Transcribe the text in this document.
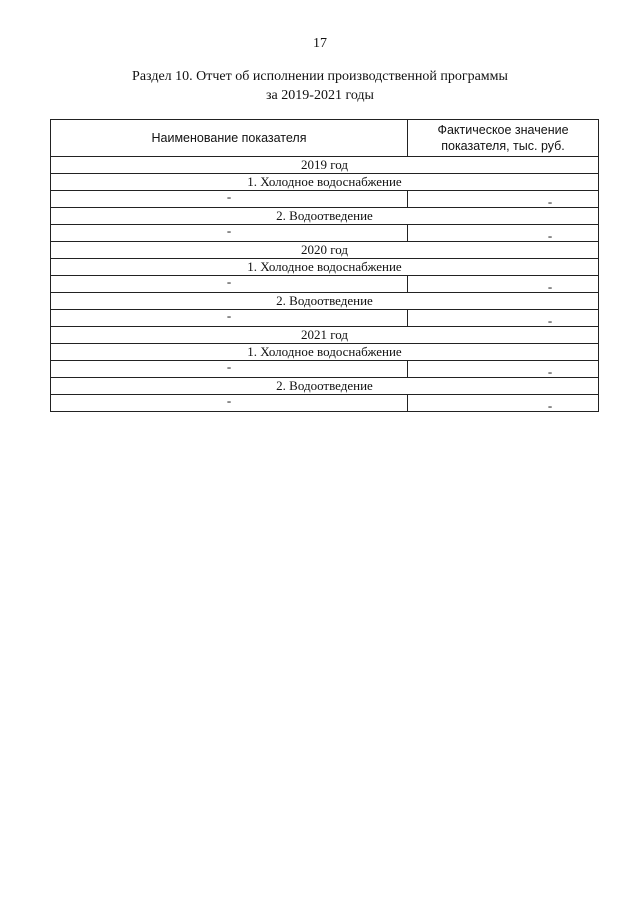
17
Раздел 10. Отчет об исполнении производственной программы
за 2019-2021 годы
Наименование показателя	Фактическое значение
показателя, тыс. руб.

2019 год	
1. Холодное водоснабжение	
-	-
2. Водоотведение	
-	-
2020 год	
1. Холодное водоснабжение	
-	-
2. Водоотведение	
-	-
2021 год	
1. Холодное водоснабжение	
-	-
2. Водоотведение	
-	-
